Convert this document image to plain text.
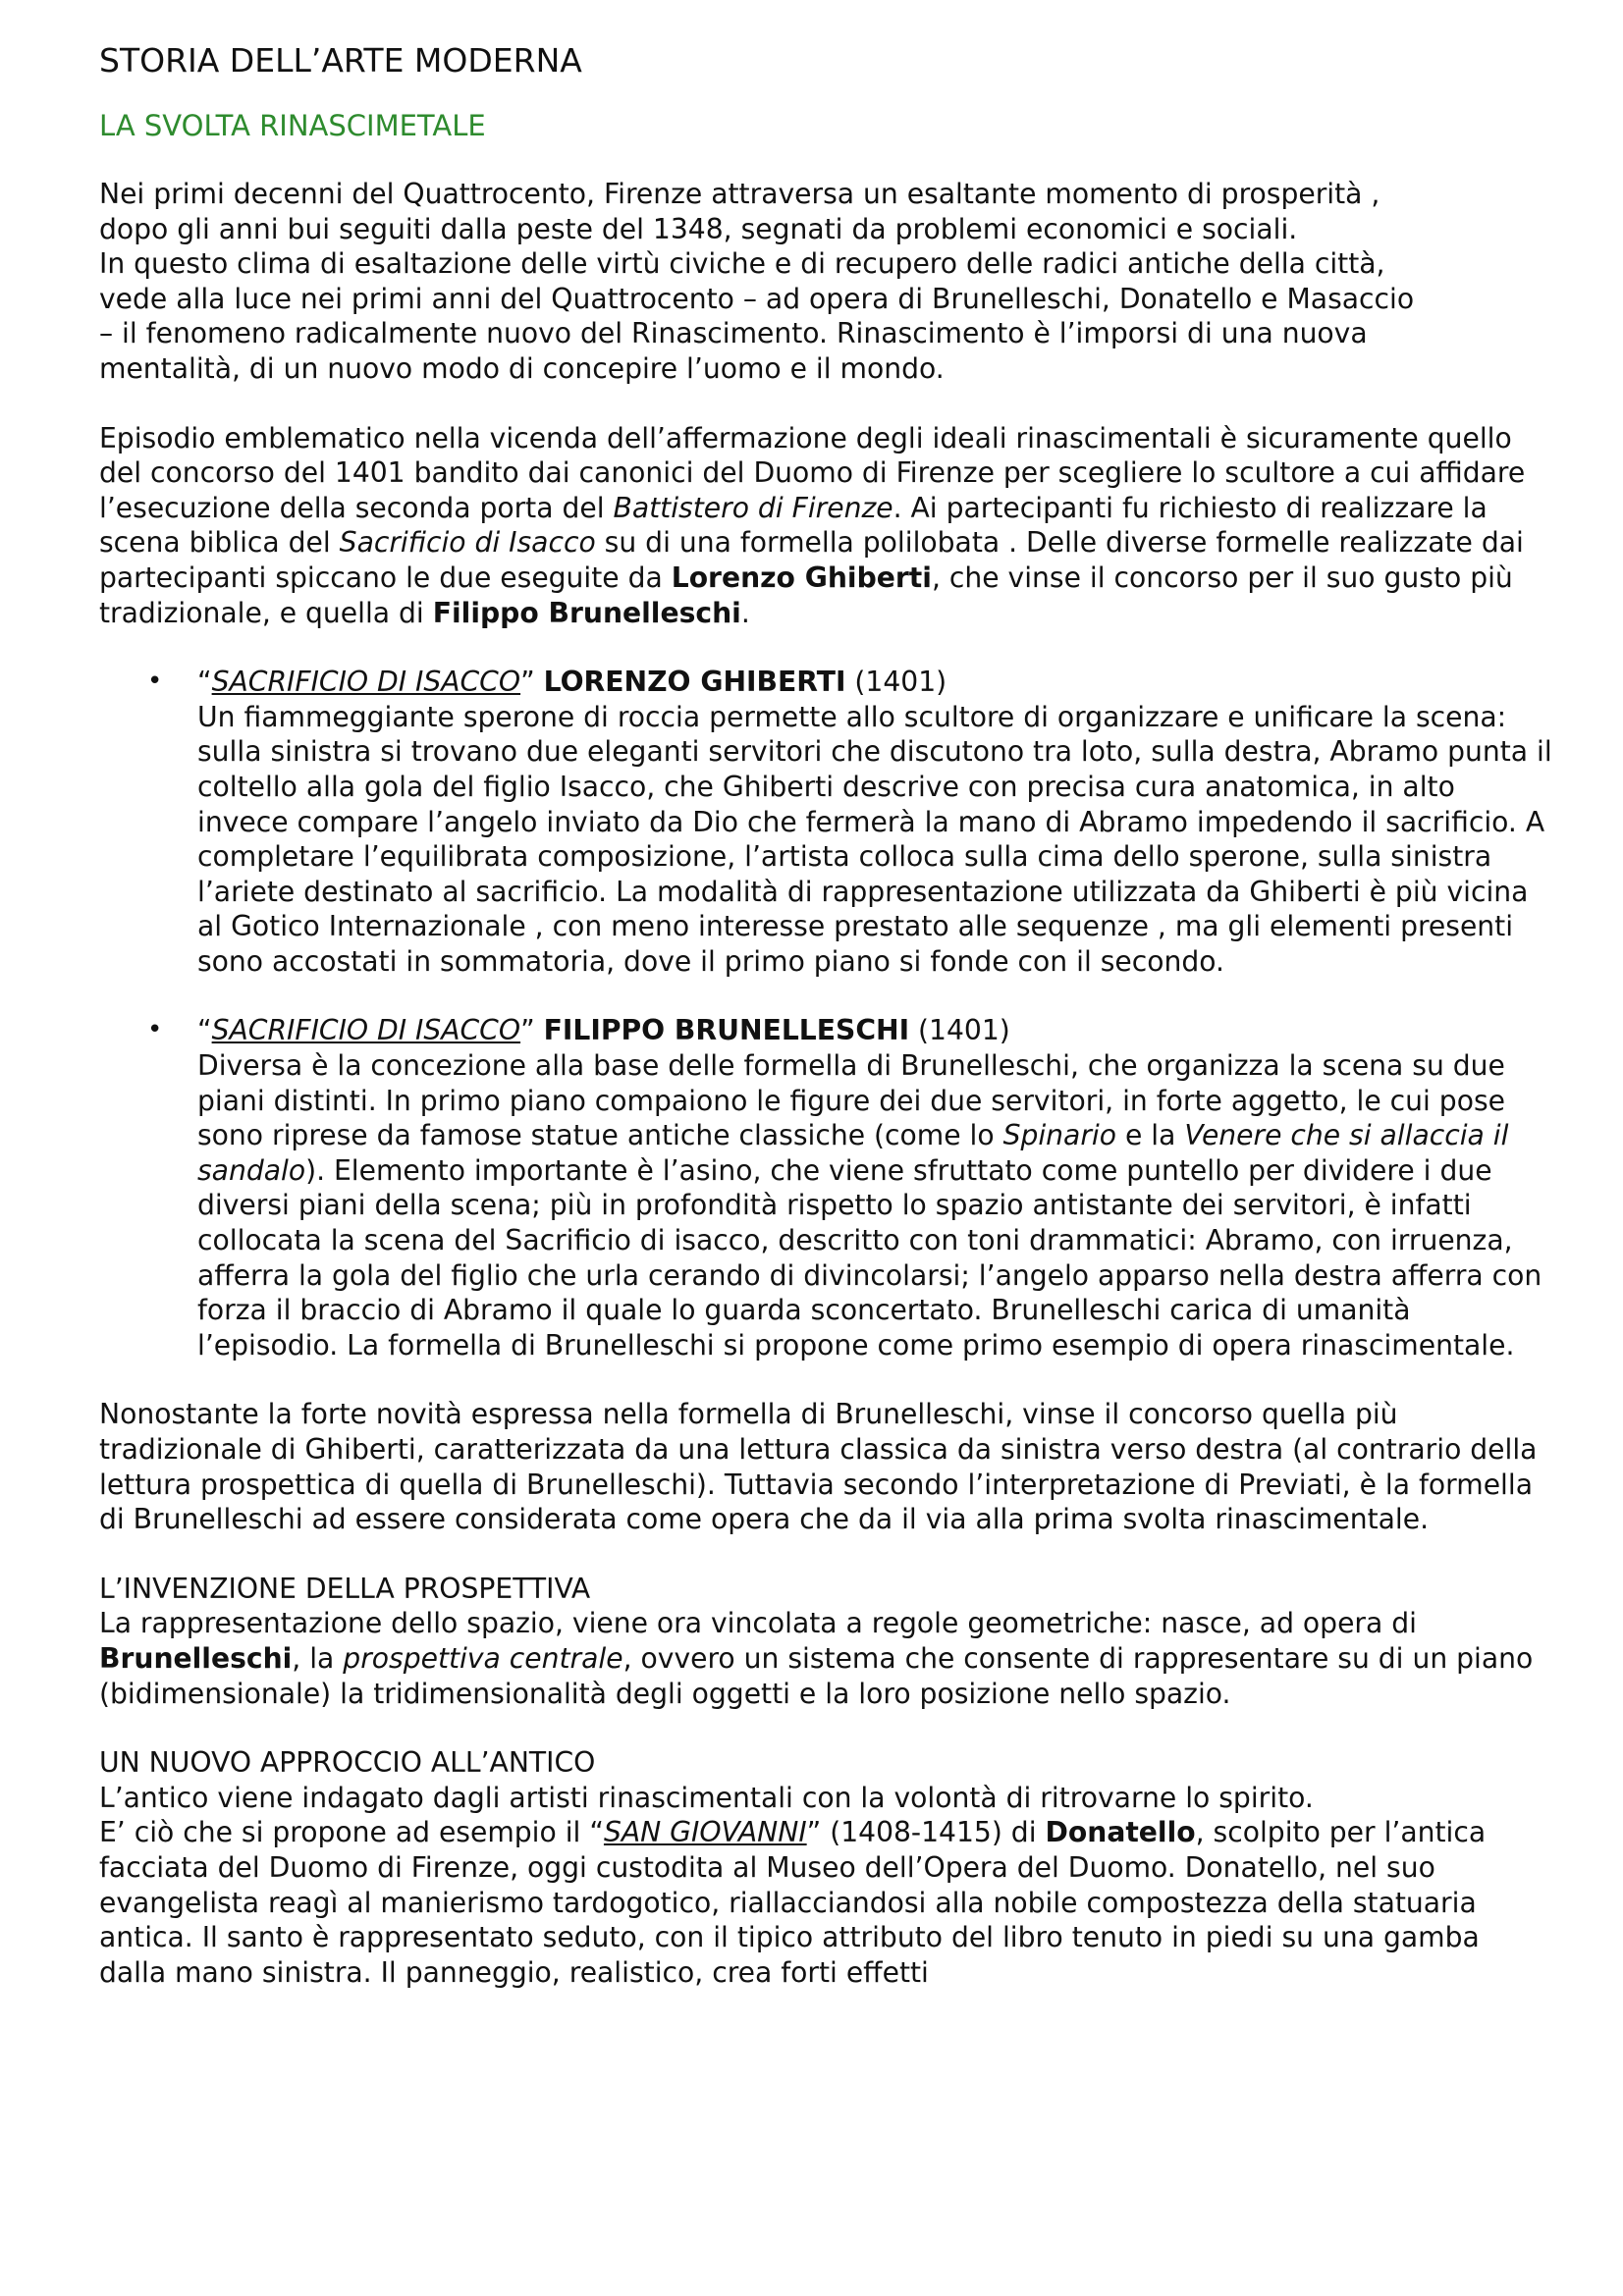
STORIA DELL’ARTE MODERNA
LA SVOLTA RINASCIMETALE

Nei primi decenni del Quattrocento, Firenze attraversa un esaltante momento di prosperità ,
dopo gli anni bui seguiti dalla peste del 1348, segnati da problemi economici e sociali.
In questo clima di esaltazione delle virtù civiche e di recupero delle radici antiche della città,
vede alla luce nei primi anni del Quattrocento – ad opera di Brunelleschi, Donatello e Masaccio
– il fenomeno radicalmente nuovo del Rinascimento. Rinascimento è l’imporsi di una nuova
mentalità, di un nuovo modo di concepire l’uomo e il mondo.

Episodio emblematico nella vicenda dell’affermazione degli ideali rinascimentali è sicuramente quello del concorso del 1401 bandito dai canonici del Duomo di Firenze per scegliere lo scultore a cui affidare l’esecuzione della seconda porta del Battistero di Firenze. Ai partecipanti fu richiesto di realizzare la scena biblica del Sacrificio di Isacco su di una formella polilobata . Delle diverse formelle realizzate dai partecipanti spiccano le due eseguite da Lorenzo Ghiberti, che vinse il concorso per il suo gusto più tradizionale, e quella di Filippo Brunelleschi.

• “SACRIFICIO DI ISACCO” LORENZO GHIBERTI (1401)
Un fiammeggiante sperone di roccia permette allo scultore di organizzare e unificare la scena: sulla sinistra si trovano due eleganti servitori che discutono tra loto, sulla destra, Abramo punta il coltello alla gola del figlio Isacco, che Ghiberti descrive con precisa cura anatomica, in alto invece compare l’angelo inviato da Dio che fermerà la mano di Abramo impedendo il sacrificio. A completare l’equilibrata composizione, l’artista colloca sulla cima dello sperone, sulla sinistra l’ariete destinato al sacrificio. La modalità di rappresentazione utilizzata da Ghiberti è più vicina al Gotico Internazionale , con meno interesse prestato alle sequenze , ma gli elementi presenti sono accostati in sommatoria, dove il primo piano si fonde con il secondo.
• “SACRIFICIO DI ISACCO” FILIPPO BRUNELLESCHI (1401)
Diversa è la concezione alla base delle formella di Brunelleschi, che organizza la scena su due piani distinti. In primo piano compaiono le figure dei due servitori, in forte aggetto, le cui pose sono riprese da famose statue antiche classiche (come lo Spinario e la Venere che si allaccia il sandalo). Elemento importante è l’asino, che viene sfruttato come puntello per dividere i due diversi piani della scena; più in profondità rispetto lo spazio antistante dei servitori, è infatti collocata la scena del Sacrificio di isacco, descritto con toni drammatici: Abramo, con irruenza, afferra la gola del figlio che urla cerando di divincolarsi; l’angelo apparso nella destra afferra con forza il braccio di Abramo il quale lo guarda sconcertato. Brunelleschi carica di umanità l’episodio. La formella di Brunelleschi si propone come primo esempio di opera rinascimentale.

Nonostante la forte novità espressa nella formella di Brunelleschi, vinse il concorso quella più tradizionale di Ghiberti, caratterizzata da una lettura classica da sinistra verso destra (al contrario della lettura prospettica di quella di Brunelleschi). Tuttavia secondo l’interpretazione di Previati, è la formella di Brunelleschi ad essere considerata come opera che da il via alla prima svolta rinascimentale.

L’INVENZIONE DELLA PROSPETTIVA

La rappresentazione dello spazio, viene ora vincolata a regole geometriche: nasce, ad opera di Brunelleschi, la prospettiva centrale, ovvero un sistema che consente di rappresentare su di un piano (bidimensionale) la tridimensionalità degli oggetti e la loro posizione nello spazio.

UN NUOVO APPROCCIO ALL’ANTICO

L’antico viene indagato dagli artisti rinascimentali con la volontà di ritrovarne lo spirito.

E’ ciò che si propone ad esempio il “SAN GIOVANNI” (1408-1415) di Donatello, scolpito per l’antica facciata del Duomo di Firenze, oggi custodita al Museo dell’Opera del Duomo. Donatello, nel suo evangelista reagì al manierismo tardogotico, riallacciandosi alla nobile compostezza della statuaria antica. Il santo è rappresentato seduto, con il tipico attributo del libro tenuto in piedi su una gamba dalla mano sinistra. Il panneggio, realistico, crea forti effetti
